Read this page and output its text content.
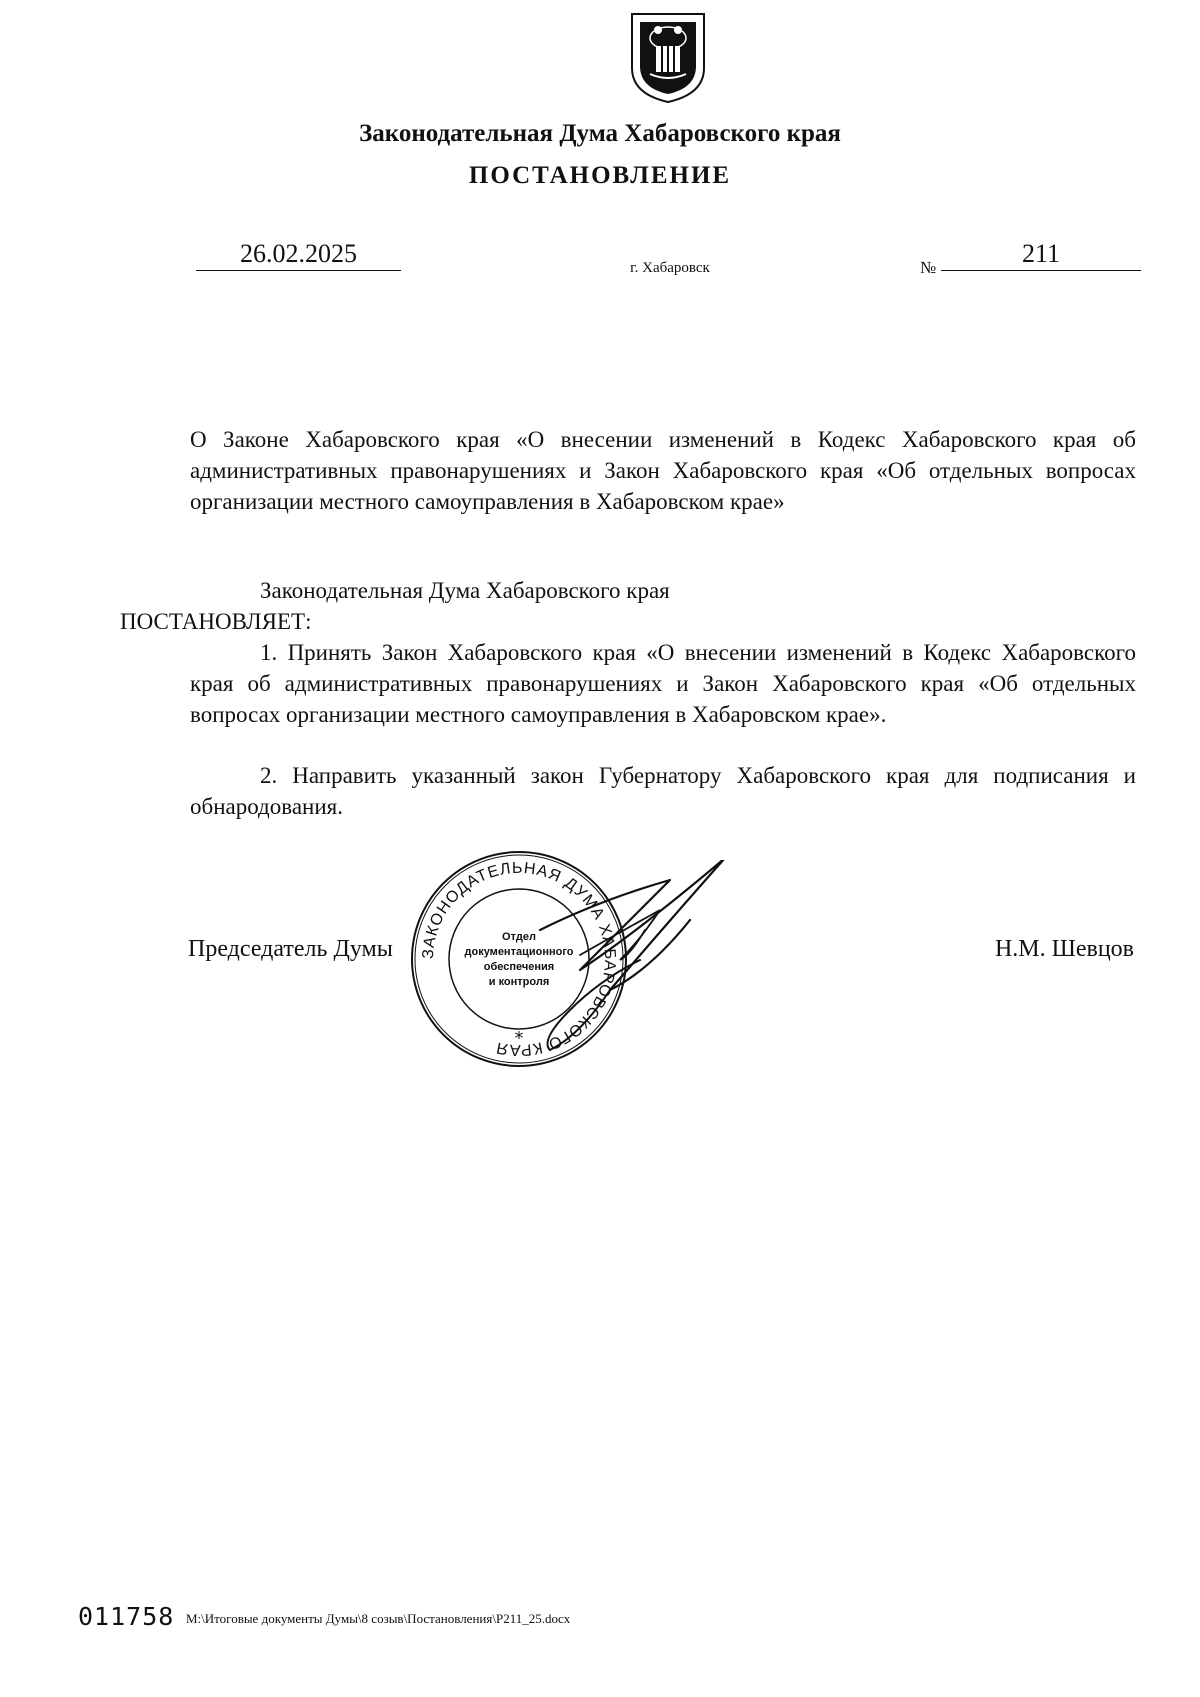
Законодательная Дума Хабаровского края
ПОСТАНОВЛЕНИЕ
26.02.2025	г. Хабаровск	№	211
О Законе Хабаровского края «О внесении изменений в Кодекс Хабаровского края об административных правонарушениях и Закон Хабаровского края «Об отдельных вопросах организации местного самоуправления в Хабаровском крае»
Законодательная Дума Хабаровского края
ПОСТАНОВЛЯЕТ:
1. Принять Закон Хабаровского края «О внесении изменений в Кодекс Хабаровского края об административных правонарушениях и Закон Хабаровского края «Об отдельных вопросах организации местного самоуправления в Хабаровском крае».
2. Направить указанный закон Губернатору Хабаровского края для подписания и обнародования.
Председатель Думы	Н.М. Шевцов
ЗАКОНОДАТЕЛЬНАЯ ДУМА ХАБАРОВСКОГО КРАЯ
Отдел
документационного
обеспечения
и контроля
*
011758 M:\Итоговые документы Думы\8 созыв\Постановления\P211_25.docx
